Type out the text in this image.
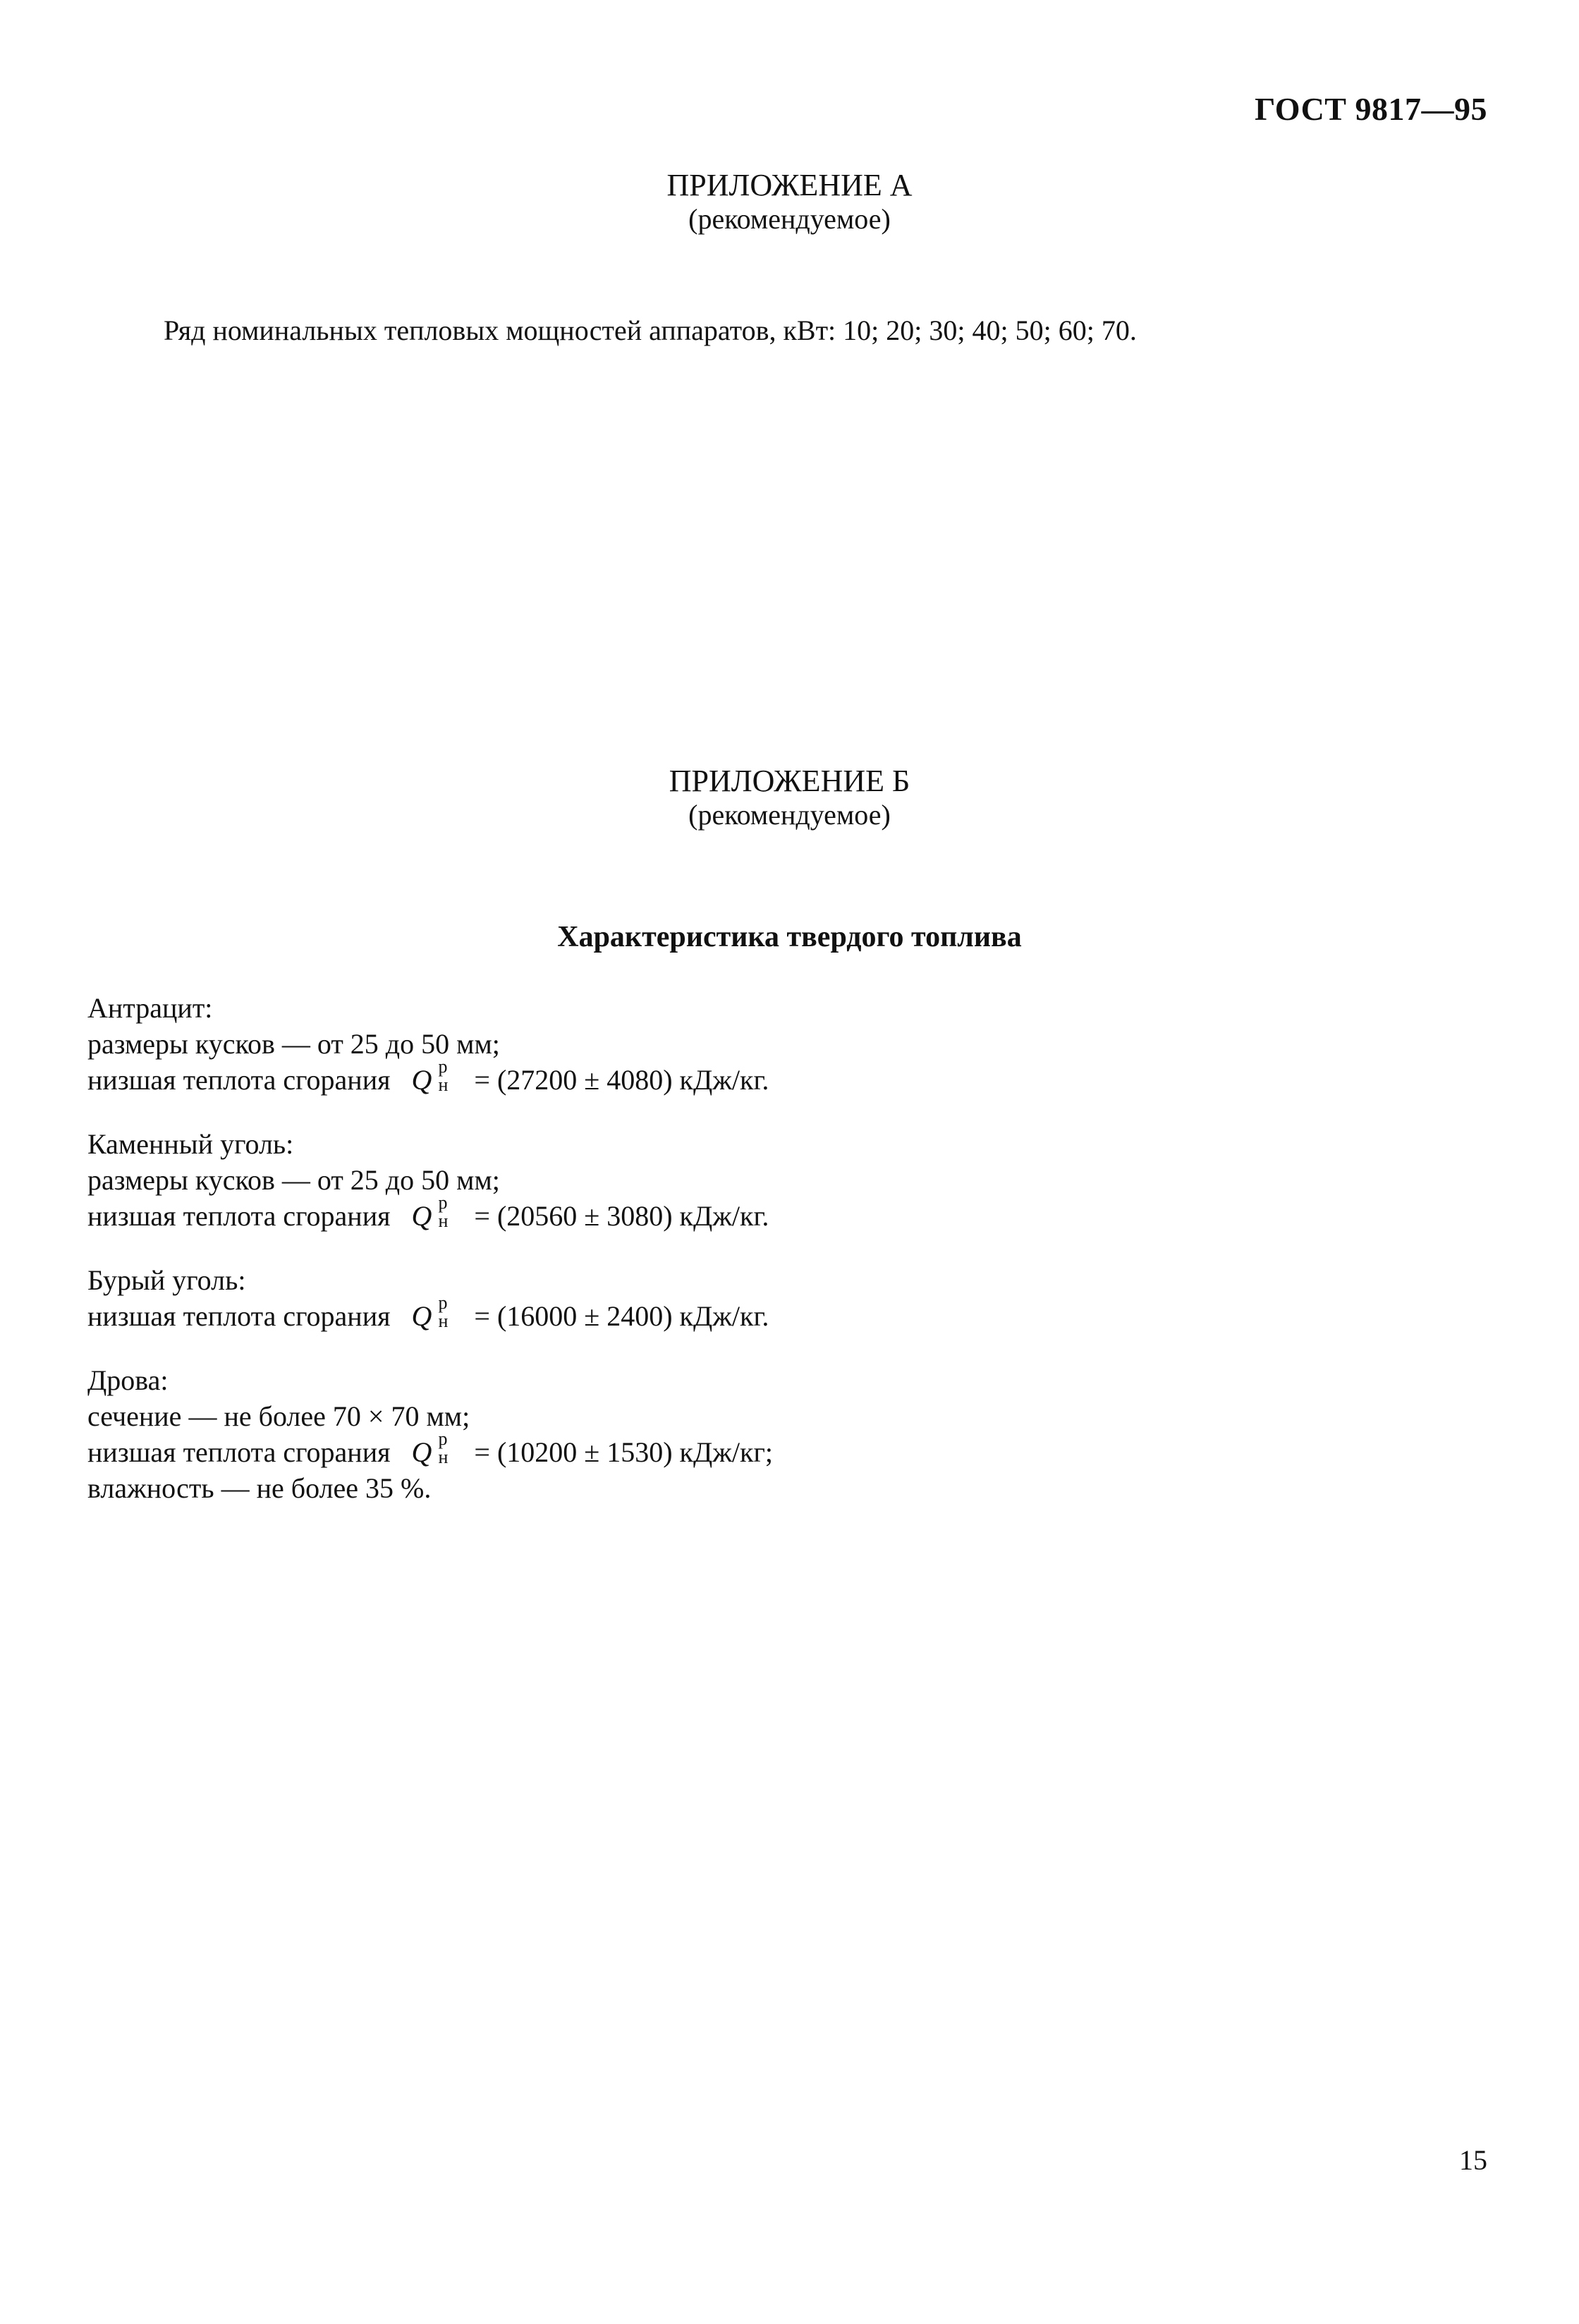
ГОСТ 9817—95
ПРИЛОЖЕНИЕ А
(рекомендуемое)
Ряд номинальных тепловых мощностей аппаратов, кВт: 10; 20; 30; 40; 50; 60; 70.
ПРИЛОЖЕНИЕ Б
(рекомендуемое)
Характеристика твердого топлива
Антрацит:
размеры кусков — от 25 до 50 мм;
низшая теплота сгорания Q р
н = (27200 ± 4080) кДж/кг.
Каменный уголь:
размеры кусков — от 25 до 50 мм;
низшая теплота сгорания Q р
н = (20560 ± 3080) кДж/кг.
Бурый уголь:
низшая теплота сгорания Q р
н = (16000 ± 2400) кДж/кг.
Дрова:
сечение — не более 70 × 70 мм;
низшая теплота сгорания Q р
н = (10200 ± 1530) кДж/кг;
влажность — не более 35 %.
15
